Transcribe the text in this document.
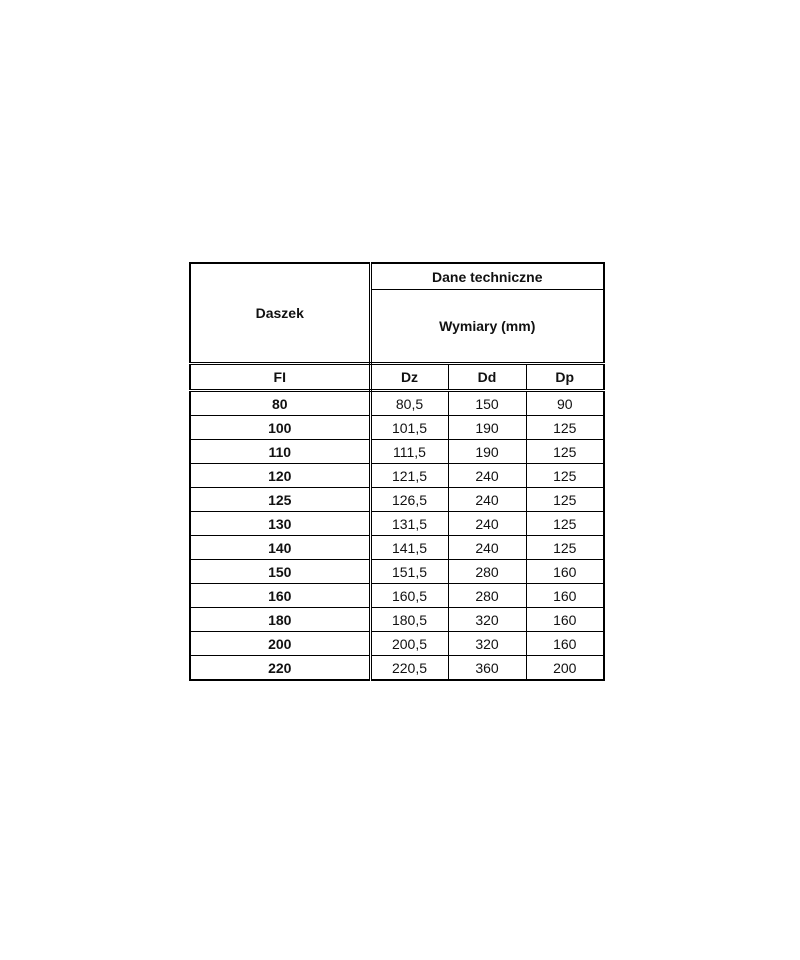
Daszek	Dane techniczne		
	Wymiary (mm)		
FI	Dz	Dd	Dp
80	80,5	150	90
100	101,5	190	125
110	111,5	190	125
120	121,5	240	125
125	126,5	240	125
130	131,5	240	125
140	141,5	240	125
150	151,5	280	160
160	160,5	280	160
180	180,5	320	160
200	200,5	320	160
220	220,5	360	200
